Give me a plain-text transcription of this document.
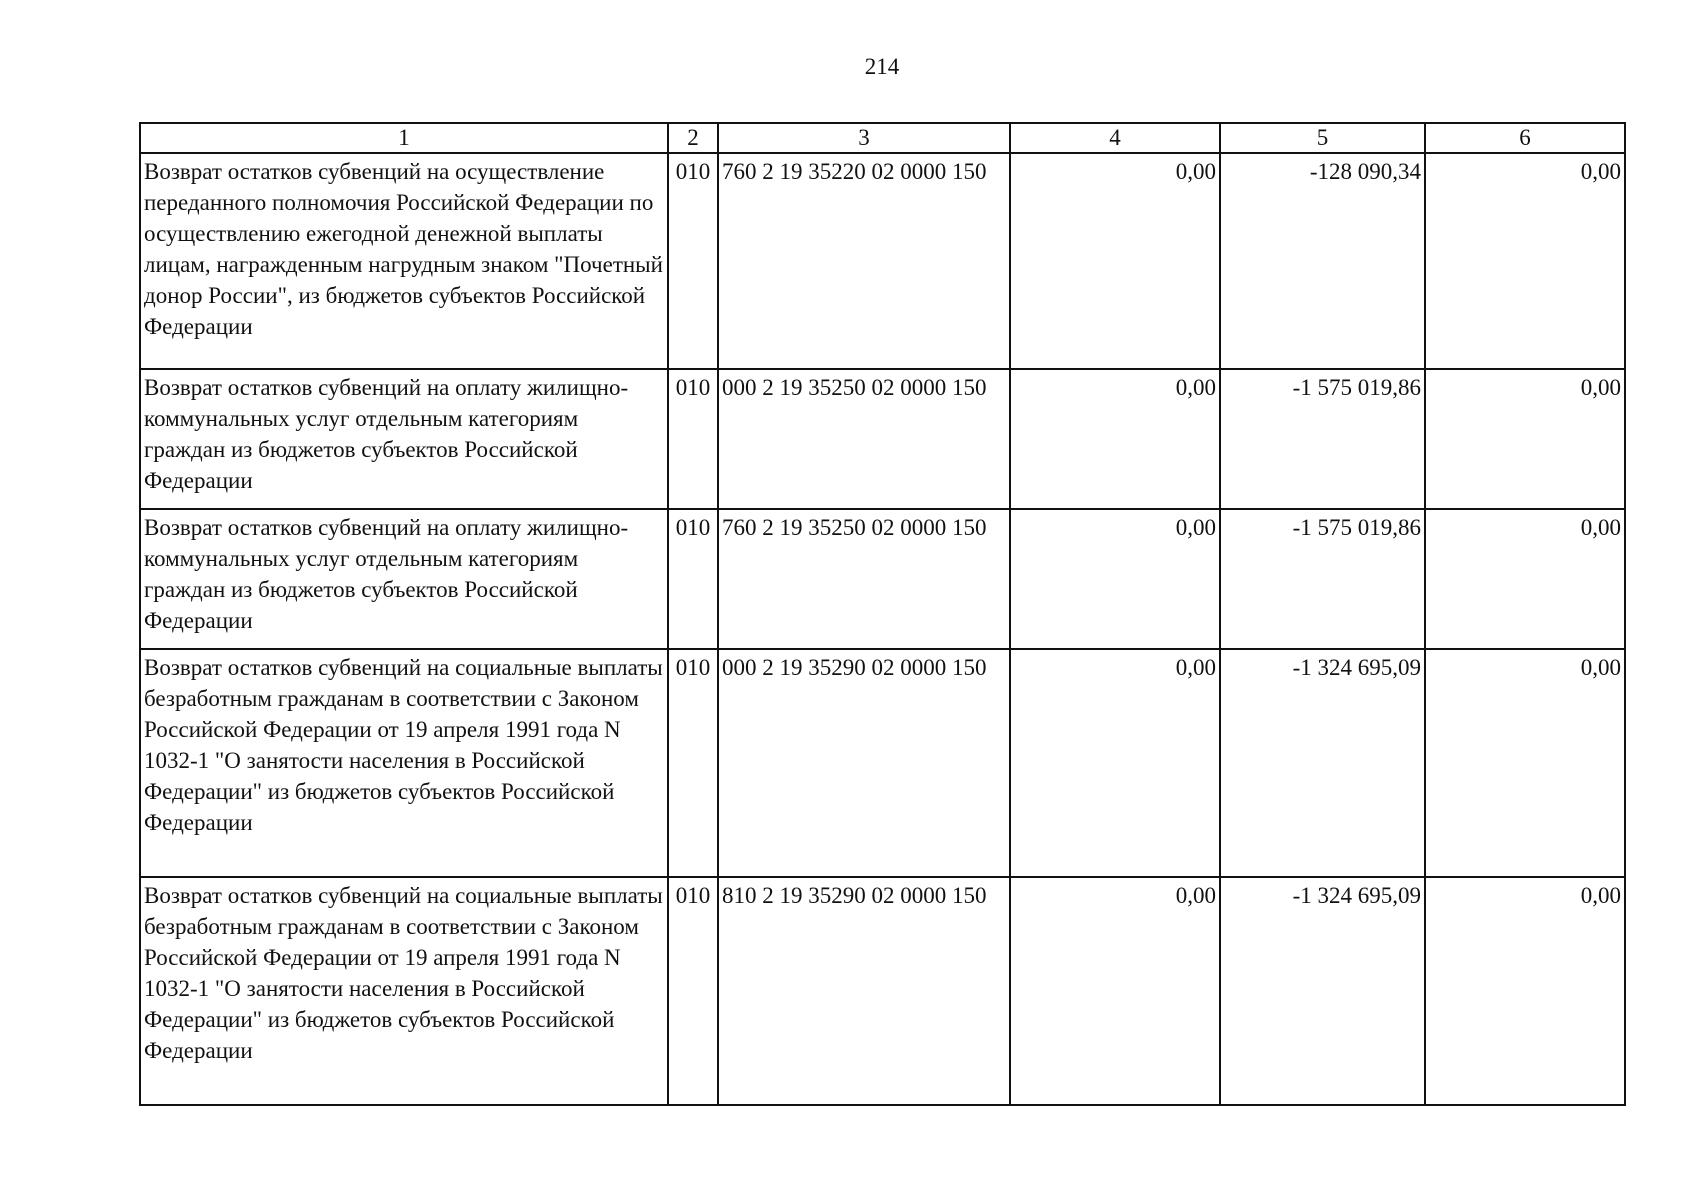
214
1	2	3	4	5	6
Возврат остатков субвенций на осуществление переданного полномочия Российской Федерации по осуществлению ежегодной денежной выплаты лицам, награжденным нагрудным знаком "Почетный донор России", из бюджетов субъектов Российской Федерации	010	760 2 19 35220 02 0000 150	0,00	-128 090,34	0,00
Возврат остатков субвенций на оплату жилищно-коммунальных услуг отдельным категориям граждан из бюджетов субъектов Российской Федерации	010	000 2 19 35250 02 0000 150	0,00	-1 575 019,86	0,00
Возврат остатков субвенций на оплату жилищно-коммунальных услуг отдельным категориям граждан из бюджетов субъектов Российской Федерации	010	760 2 19 35250 02 0000 150	0,00	-1 575 019,86	0,00
Возврат остатков субвенций на социальные выплаты безработным гражданам в соответствии с Законом Российской Федерации от 19 апреля 1991 года N 1032-1 "О занятости населения в Российской Федерации" из бюджетов субъектов Российской Федерации	010	000 2 19 35290 02 0000 150	0,00	-1 324 695,09	0,00
Возврат остатков субвенций на социальные выплаты безработным гражданам в соответствии с Законом Российской Федерации от 19 апреля 1991 года N 1032-1 "О занятости населения в Российской Федерации" из бюджетов субъектов Российской Федерации	010	810 2 19 35290 02 0000 150	0,00	-1 324 695,09	0,00
